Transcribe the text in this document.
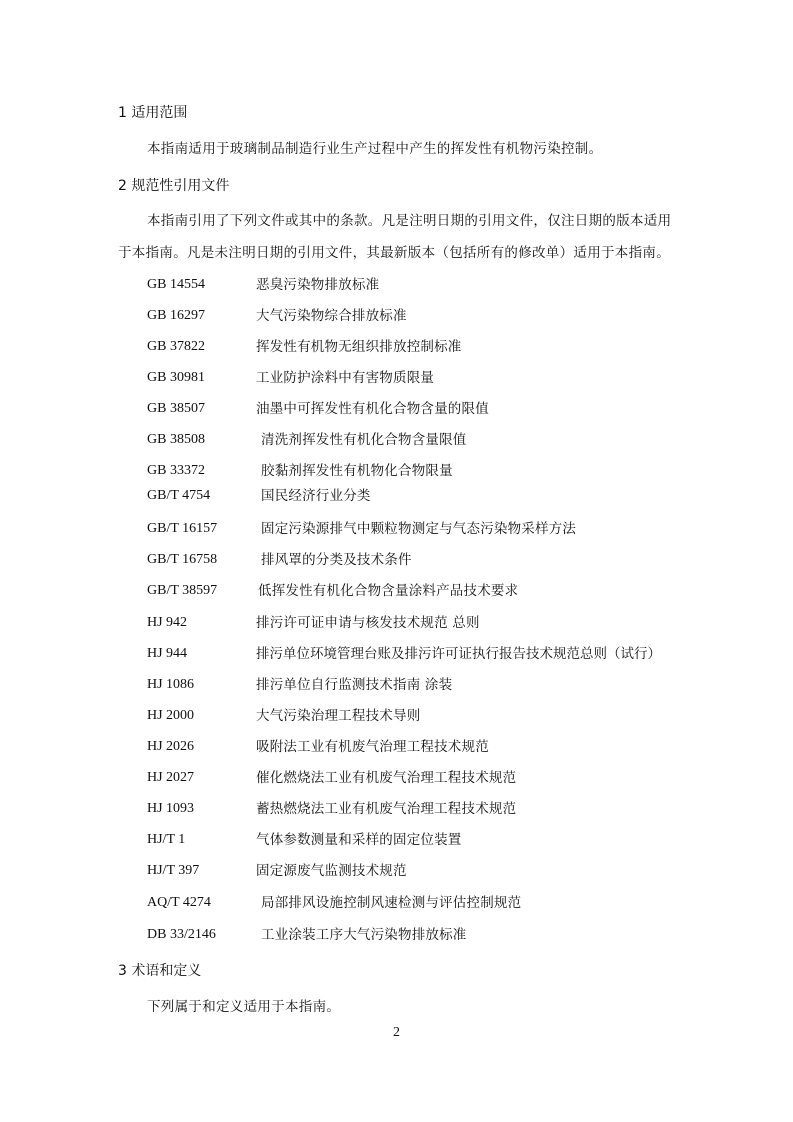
1 适用范围
本指南适用于玻璃制品制造行业生产过程中产生的挥发性有机物污染控制。
2 规范性引用文件
本指南引用了下列文件或其中的条款。凡是注明日期的引用文件，仅注日期的版本适用
于本指南。凡是未注明日期的引用文件，其最新版本（包括所有的修改单）适用于本指南。
GB 14554	恶臭污染物排放标准
GB 16297	大气污染物综合排放标准
GB 37822	挥发性有机物无组织排放控制标准
GB 30981	工业防护涂料中有害物质限量
GB 38507	油墨中可挥发性有机化合物含量的限值
GB 38508	清洗剂挥发性有机化合物含量限值
GB 33372	胶黏剂挥发性有机物化合物限量
GB/T 4754	国民经济行业分类
GB/T 16157	固定污染源排气中颗粒物测定与气态污染物采样方法
GB/T 16758	排风罩的分类及技术条件
GB/T 38597	低挥发性有机化合物含量涂料产品技术要求
HJ 942	排污许可证申请与核发技术规范 总则
HJ 944	排污单位环境管理台账及排污许可证执行报告技术规范总则（试行）
HJ 1086	排污单位自行监测技术指南 涂装
HJ 2000	大气污染治理工程技术导则
HJ 2026	吸附法工业有机废气治理工程技术规范
HJ 2027	催化燃烧法工业有机废气治理工程技术规范
HJ 1093	蓄热燃烧法工业有机废气治理工程技术规范
HJ/T 1	气体参数测量和采样的固定位装置
HJ/T 397	固定源废气监测技术规范
AQ/T 4274	局部排风设施控制风速检测与评估控制规范
DB 33/2146	工业涂装工序大气污染物排放标准
3 术语和定义
下列属于和定义适用于本指南。
2
